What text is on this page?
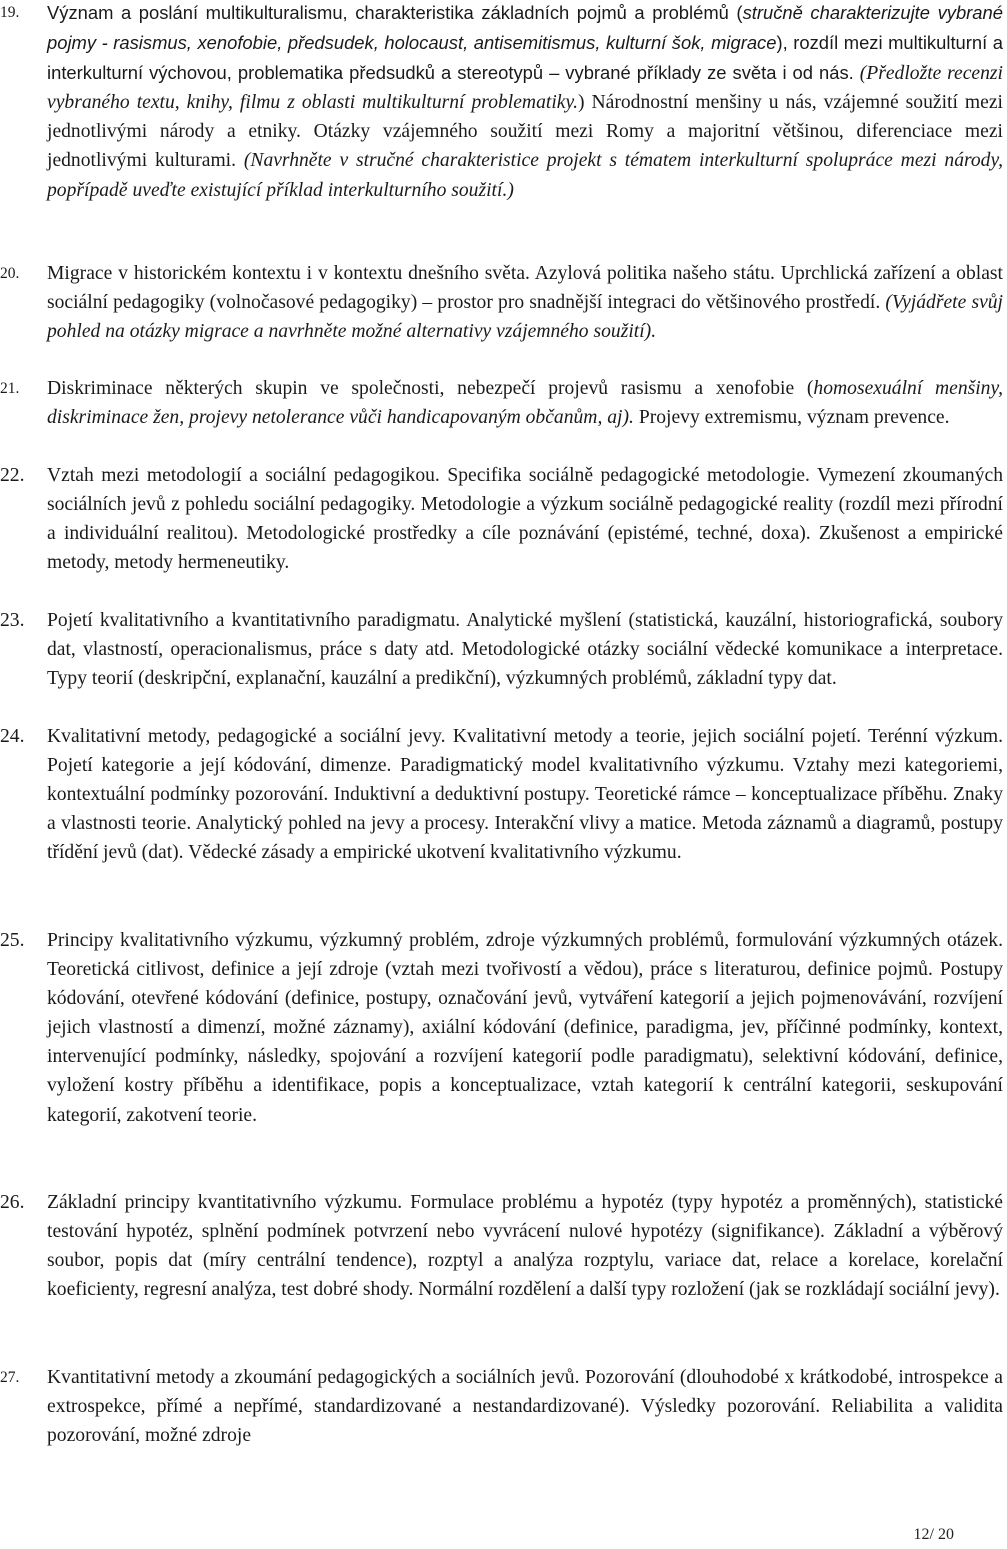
19. Význam a poslání multikulturalismu, charakteristika základních pojmů a problémů (stručně charakterizujte vybrané pojmy - rasismus, xenofobie, předsudek, holocaust, antisemitismus, kulturní šok, migrace), rozdíl mezi multikulturní a interkulturní výchovou, problematika předsudků a stereotypů – vybrané příklady ze světa i od nás. (Předložte recenzi vybraného textu, knihy, filmu z oblasti multikulturní problematiky.) Národnostní menšiny u nás, vzájemné soužití mezi jednotlivými národy a etniky. Otázky vzájemného soužití mezi Romy a majoritní většinou, diferenciace mezi jednotlivými kulturami. (Navrhněte v stručné charakteristice projekt s tématem interkulturní spolupráce mezi národy, popřípadě uveďte existující příklad interkulturního soužití.)
20. Migrace v historickém kontextu i v kontextu dnešního světa. Azylová politika našeho státu. Uprchlická zařízení a oblast sociální pedagogiky (volnočasové pedagogiky) – prostor pro snadnější integraci do většinového prostředí. (Vyjádřete svůj pohled na otázky migrace a navrhněte možné alternativy vzájemného soužití).
21. Diskriminace některých skupin ve společnosti, nebezpečí projevů rasismu a xenofobie (homosexuální menšiny, diskriminace žen, projevy netolerance vůči handicapovaným občanům, aj). Projevy extremismu, význam prevence.
22. Vztah mezi metodologií a sociální pedagogikou. Specifika sociálně pedagogické metodologie. Vymezení zkoumaných sociálních jevů z pohledu sociální pedagogiky. Metodologie a výzkum sociálně pedagogické reality (rozdíl mezi přírodní a individuální realitou). Metodologické prostředky a cíle poznávání (epistémé, techné, doxa). Zkušenost a empirické metody, metody hermeneutiky.
23. Pojetí kvalitativního a kvantitativního paradigmatu. Analytické myšlení (statistická, kauzální, historiografická, soubory dat, vlastností, operacionalismus, práce s daty atd. Metodologické otázky sociální vědecké komunikace a interpretace. Typy teorií (deskripční, explanační, kauzální a predikční), výzkumných problémů, základní typy dat.
24. Kvalitativní metody, pedagogické a sociální jevy. Kvalitativní metody a teorie, jejich sociální pojetí. Terénní výzkum. Pojetí kategorie a její kódování, dimenze. Paradigmatický model kvalitativního výzkumu. Vztahy mezi kategoriemi, kontextuální podmínky pozorování. Induktivní a deduktivní postupy. Teoretické rámce – konceptualizace příběhu. Znaky a vlastnosti teorie. Analytický pohled na jevy a procesy. Interakční vlivy a matice. Metoda záznamů a diagramů, postupy třídění jevů (dat). Vědecké zásady a empirické ukotvení kvalitativního výzkumu.
25. Principy kvalitativního výzkumu, výzkumný problém, zdroje výzkumných problémů, formulování výzkumných otázek. Teoretická citlivost, definice a její zdroje (vztah mezi tvořivostí a vědou), práce s literaturou, definice pojmů. Postupy kódování, otevřené kódování (definice, postupy, označování jevů, vytváření kategorií a jejich pojmenovávání, rozvíjení jejich vlastností a dimenzí, možné záznamy), axiální kódování (definice, paradigma, jev, příčinné podmínky, kontext, intervenující podmínky, následky, spojování a rozvíjení kategorií podle paradigmatu), selektivní kódování, definice, vyložení kostry příběhu a identifikace, popis a konceptualizace, vztah kategorií k centrální kategorii, seskupování kategorií, zakotvení teorie.
26. Základní principy kvantitativního výzkumu. Formulace problému a hypotéz (typy hypotéz a proměnných), statistické testování hypotéz, splnění podmínek potvrzení nebo vyvrácení nulové hypotézy (signifikance). Základní a výběrový soubor, popis dat (míry centrální tendence), rozptyl a analýza rozptylu, variace dat, relace a korelace, korelační koeficienty, regresní analýza, test dobré shody. Normální rozdělení a další typy rozložení (jak se rozkládají sociální jevy).
27. Kvantitativní metody a zkoumání pedagogických a sociálních jevů. Pozorování (dlouhodobé x krátkodobé, introspekce a extrospekce, přímé a nepřímé, standardizované a nestandardizované). Výsledky pozorování. Reliabilita a validita pozorování, možné zdroje
12/ 20
